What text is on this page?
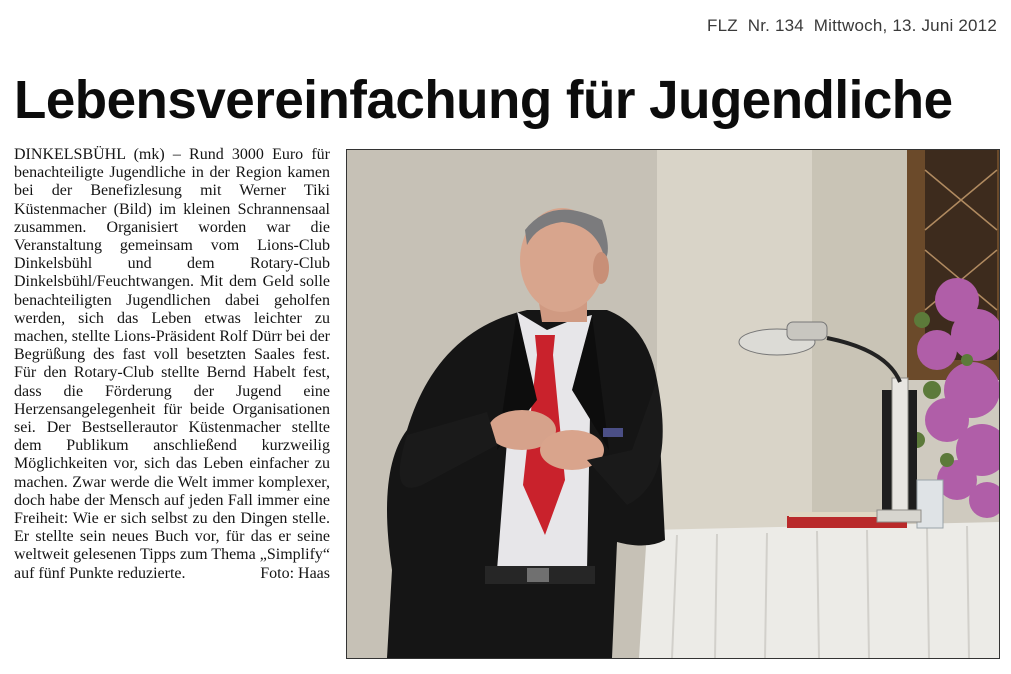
FLZ Nr. 134 Mittwoch, 13. Juni 2012
Lebensvereinfachung für Jugendliche
DINKELSBÜHL (mk) – Rund 3000 Euro für benachteiligte Jugendliche in der Region kamen bei der Benefizlesung mit Werner Tiki Küstenmacher (Bild) im kleinen Schrannensaal zusammen. Organisiert worden war die Veranstaltung gemeinsam vom Lions-Club Dinkelsbühl und dem Rotary-Club Dinkelsbühl/Feuchtwangen. Mit dem Geld solle benachteiligten Jugendlichen dabei geholfen werden, sich das Leben etwas leichter zu machen, stellte Lions-Präsident Rolf Dürr bei der Begrüßung des fast voll besetzten Saales fest. Für den Rotary-Club stellte Bernd Habelt fest, dass die Förderung der Jugend eine Herzensangelegenheit für beide Organisationen sei. Der Bestsellerautor Küstenmacher stellte dem Publikum anschließend kurzweilig Möglichkeiten vor, sich das Leben einfacher zu machen. Zwar werde die Welt immer komplexer, doch habe der Mensch auf jeden Fall immer eine Freiheit: Wie er sich selbst zu den Dingen stelle. Er stellte sein neues Buch vor, für das er seine weltweit gelesenen Tipps zum Thema „Simplify“ auf fünf Punkte reduzierte.	Foto: Haas
